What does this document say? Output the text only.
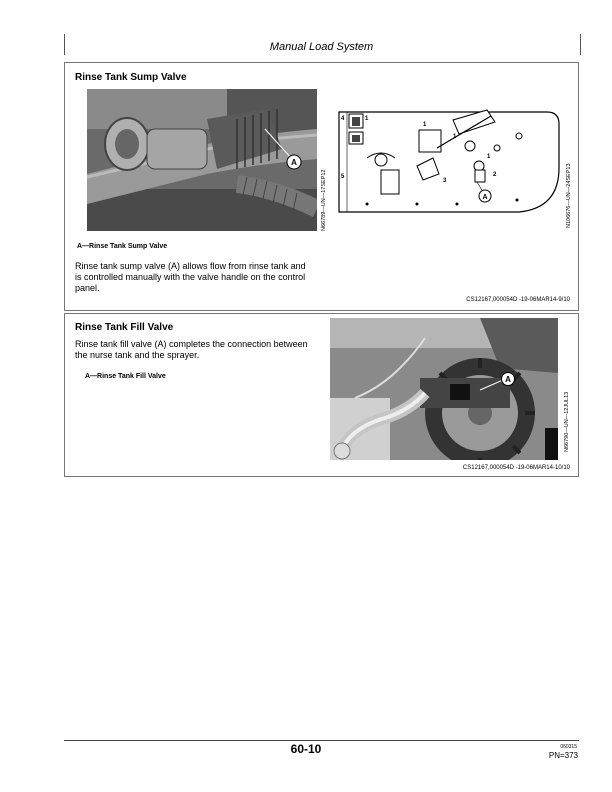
Manual Load System
Rinse Tank Sump Valve
A
N66789—UN—17SEP12
4	1
1
1
5
3
1
2
A	N106676—UN—24SEP13
A—Rinse Tank Sump Valve
Rinse tank sump valve (A) allows flow from rinse tank and
is controlled manually with the valve handle on the control
panel.
CS12167,000054D -19-06MAR14-9/10
Rinse Tank Fill Valve
Rinse tank fill valve (A) completes the connection between
the nurse tank and the sprayer.
A—Rinse Tank Fill Valve	A
N66790—UN—12JUL13
CS12167,000054D -19-06MAR14-10/10
60-10	060315
PN=373
